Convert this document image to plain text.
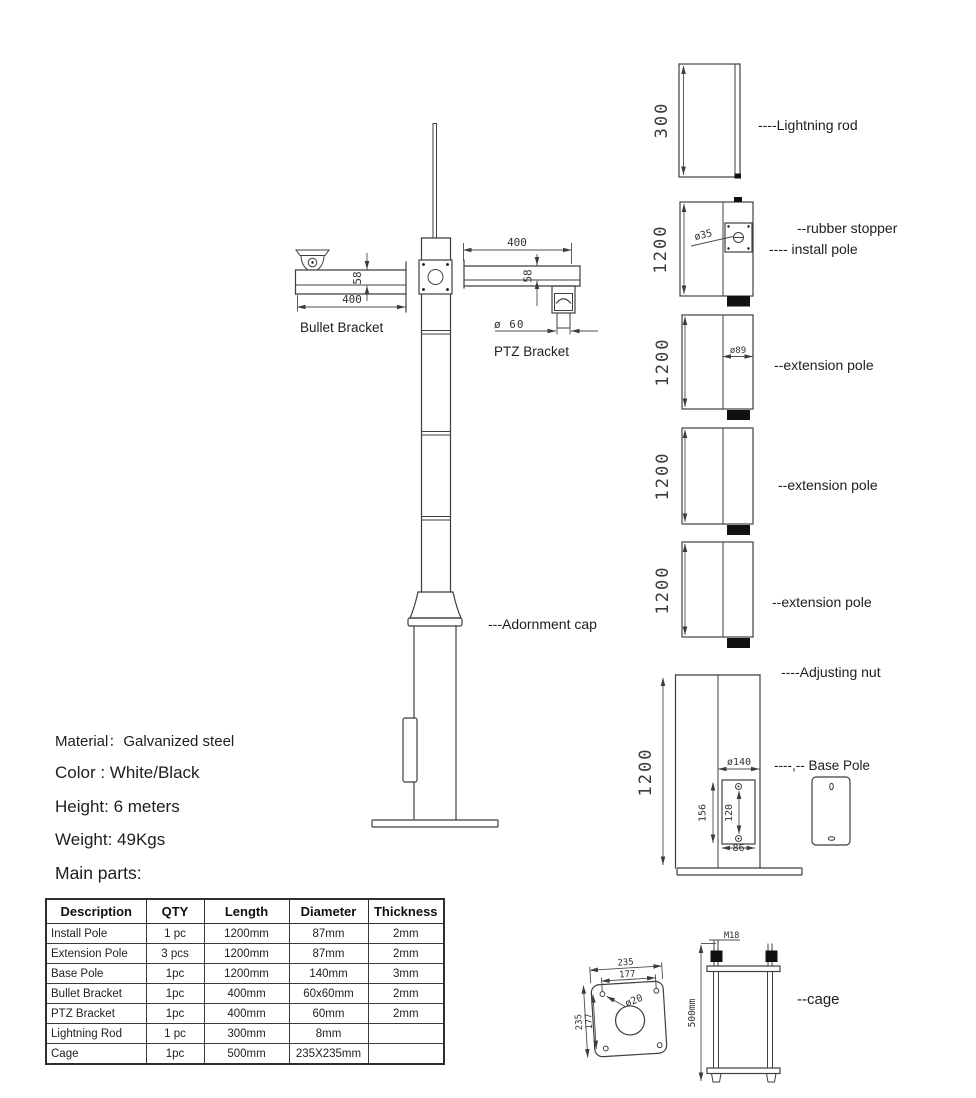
58
400
400
58
ø 60
300
1200 ø35
1200	ø89
1200
1200
1200	ø140
120
156
86
ø20
235
177
235 177
M18
500mm
---Adornment cap
Bullet Bracket
PTZ Bracket
----Lightning rod
--rubber stopper
---- install pole
--extension pole
--extension pole
--extension pole
----Adjusting nut
----,-- Base Pole
--cage
Material：Galvanized steel
Color : White/Black
Height: 6 meters
Weight: 49Kgs
Main parts:
Description	QTY	Length	Diameter	Thickness
Install Pole	1 pc	1200mm	87mm	2mm
Extension Pole	3 pcs	1200mm	87mm	2mm
Base Pole	1pc	1200mm	140mm	3mm
Bullet Bracket	1pc	400mm	60x60mm	2mm
PTZ Bracket	1pc	400mm	60mm	2mm
Lightning Rod	1 pc	300mm	8mm	
Cage	1pc	500mm	235X235mm	
